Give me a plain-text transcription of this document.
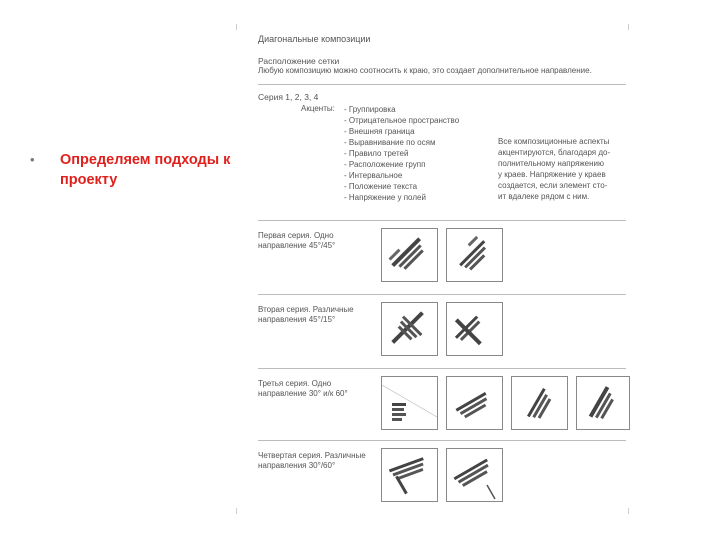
• Определяем подходы к проекту
Диагональные композиции
Расположение сетки
Любую композицию можно соотносить к краю, это создает дополнительное направление.
Серия 1, 2, 3, 4
Акценты: - Группировка
- Отрицательное пространство
- Внешняя граница
- Выравнивание по осям
- Правило третей
- Расположение групп
- Интервальное
- Положение текста
- Напряжение у полей
Все композиционные аспекты
акцентируются, благодаря до-
полнительному напряжению
у краев. Напряжение у краев
создается, если элемент сто-
ит вдалеке рядом с ним.
Первая серия. Одно направление 45°/45°
Вторая серия. Различные направления 45°/15°
Третья серия. Одно направление 30° и/к 60°
Четвертая серия. Различные направления 30°/60°
